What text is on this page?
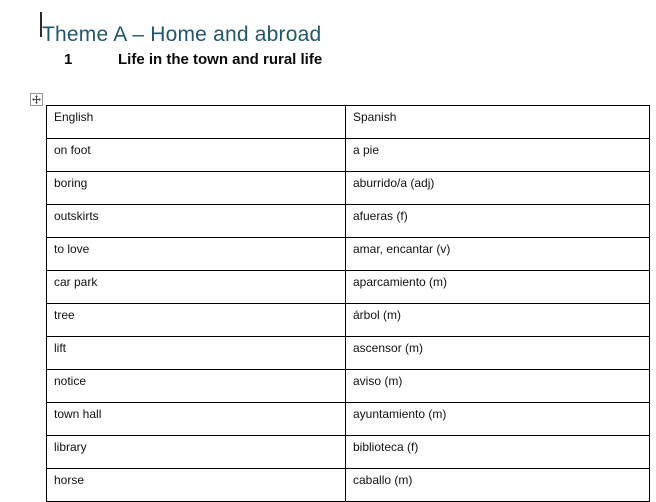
Theme A – Home and abroad
1	Life in the town and rural life
English	Spanish
on foot	a pie
boring	aburrido/a (adj)
outskirts	afueras (f)
to love	amar, encantar (v)
car park	aparcamiento (m)
tree	árbol (m)
lift	ascensor (m)
notice	aviso (m)
town hall	ayuntamiento (m)
library	biblioteca (f)
horse	caballo (m)
